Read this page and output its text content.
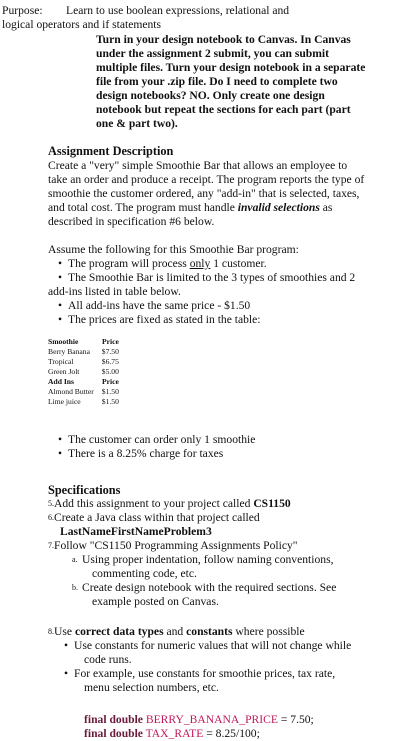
Purpose: Learn to use boolean expressions, relational and

logical operators and if statements

Turn in your design notebook to Canvas. In Canvas

under the assignment 2 submit, you can submit

multiple files. Turn your design notebook in a separate

file from your .zip file. Do I need to complete two

design notebooks? NO. Only create one design

notebook but repeat the sections for each part (part

one & part two).

Assignment Description

Create a "very" simple Smoothie Bar that allows an employee to

take an order and produce a receipt. The program reports the type of

smoothie the customer ordered, any "add-in" that is selected, taxes,

and total cost. The program must handle invalid selections as

described in specification #6 below.

Assume the following for this Smoothie Bar program:

• The program will process only 1 customer.
• The Smoothie Bar is limited to the 3 types of smoothies and 2
add-ins listed in table below.
• All add-ins have the same price - $1.50
• The prices are fixed as stated in the table:
Smoothie	Price
Berry Banana	$7.50
Tropical	$6.75
Green Jolt	$5.00
Add Ins	Price
Almond Butter	$1.50
Lime juice	$1.50
• The customer can order only 1 smoothie
• There is a 8.25% charge for taxes

Specifications

5. Add this assignment to your project called CS1150

6. Create a Java class within that project called

LastNameFirstNameProblem3

7. Follow "CS1150 Programming Assignments Policy"

a. Using proper indentation, follow naming conventions,
commenting code, etc.
b. Create design notebook with the required sections. See
example posted on Canvas.

8. Use correct data types and constants where possible

• Use constants for numeric values that will not change while
code runs.
• For example, use constants for smoothie prices, tax rate,
menu selection numbers, etc.

final double BERRY_BANANA_PRICE = 7.50;

final double TAX_RATE = 8.25/100;
